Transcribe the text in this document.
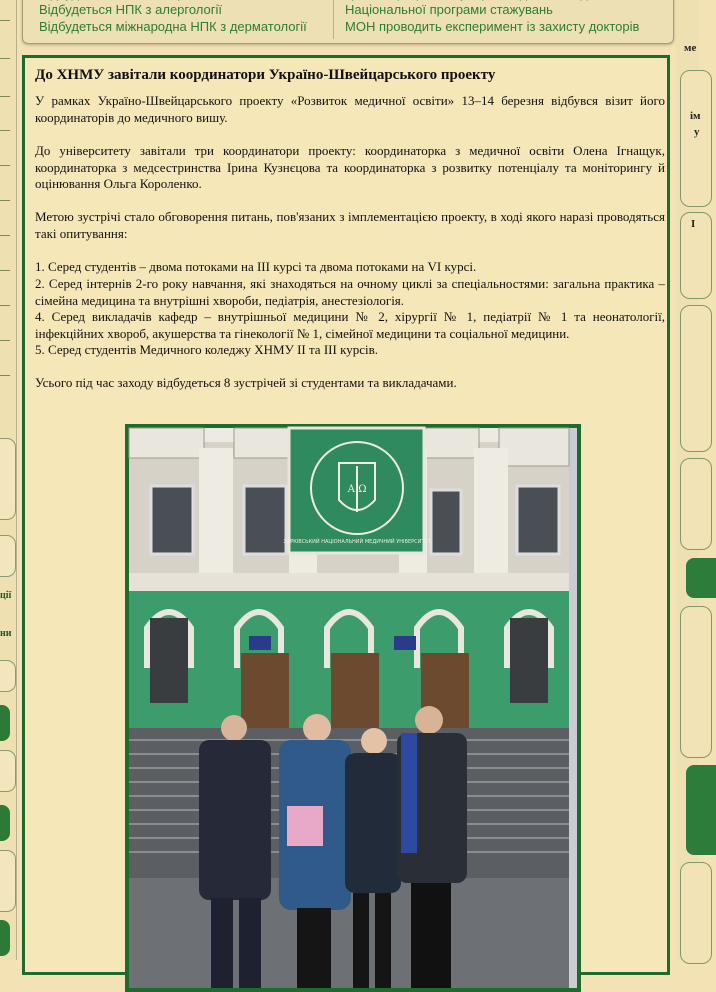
ції
ни
ме
ім
у
І
Відбудеться НПК з алергології
Відбудеться міжнародна НПК з дерматології
Національної програми стажувань
МОН проводить експеримент із захисту докторів
До ХНМУ завітали координатори Україно-Швейцарського проекту

У рамках Україно-Швейцарського проекту «Розвиток медичної освіти» 13–14 березня відбувся візит його координаторів до медичного вишу.

До університету завітали три координатори проекту: координаторка з медичної освіти Олена Ігнащук, координаторка з медсестринства Ірина Кузнєцова та координаторка з розвитку потенціалу та моніторингу й оцінювання Ольга Короленко.

Метою зустрічі стало обговорення питань, пов'язаних з імплементацією проекту, в ході якого наразі проводяться такі опитування:

1. Серед студентів – двома потоками на ІІІ курсі та двома потоками на VI курсі.

2. Серед інтернів 2-го року навчання, які знаходяться на очному циклі за спеціальностями: загальна практика – сімейна медицина та внутрішні хвороби, педіатрія, анестезіологія.

4. Серед викладачів кафедр – внутрішньої медицини № 2, хірургії № 1, педіатрії № 1 та неонатології, інфекційних хвороб, акушерства та гінекології № 1, сімейної медицини та соціальної медицини.

5. Серед студентів Медичного коледжу ХНМУ ІІ та ІІІ курсів.

Усього під час заходу відбудеться 8 зустрічей зі студентами та викладачами.

А Ω
ХАРКІВСЬКИЙ НАЦІОНАЛЬНИЙ МЕДИЧНИЙ УНІВЕРСИТЕТ
